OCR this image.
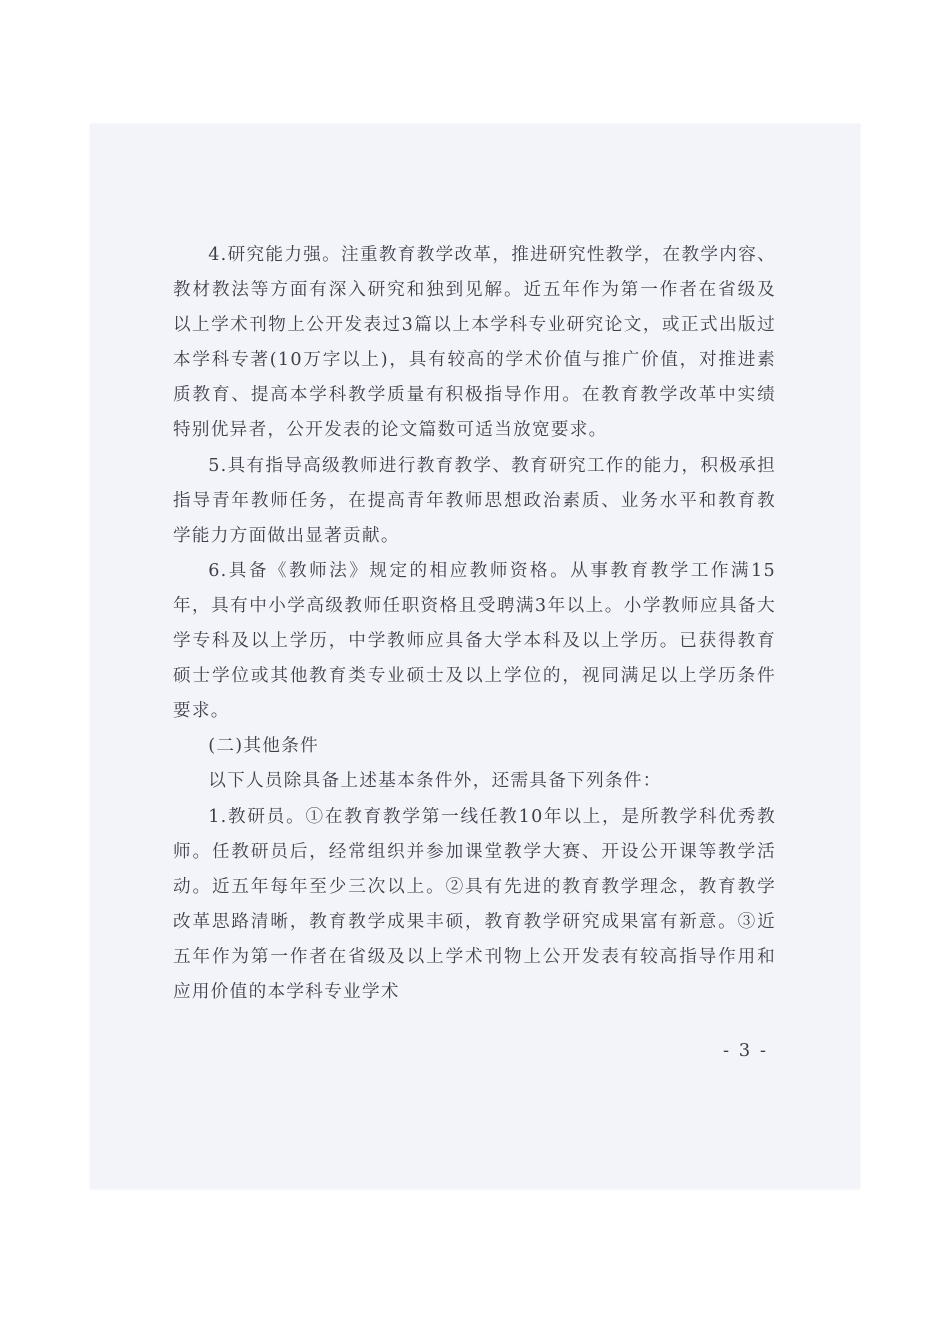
4.研究能力强。注重教育教学改革，推进研究性教学，在教学内容、教材教法等方面有深入研究和独到见解。近五年作为第一作者在省级及以上学术刊物上公开发表过3篇以上本学科专业研究论文，或正式出版过本学科专著(10万字以上)，具有较高的学术价值与推广价值，对推进素质教育、提高本学科教学质量有积极指导作用。在教育教学改革中实绩特别优异者，公开发表的论文篇数可适当放宽要求。

5.具有指导高级教师进行教育教学、教育研究工作的能力，积极承担指导青年教师任务，在提高青年教师思想政治素质、业务水平和教育教学能力方面做出显著贡献。

6.具备《教师法》规定的相应教师资格。从事教育教学工作满15年，具有中小学高级教师任职资格且受聘满3年以上。小学教师应具备大学专科及以上学历，中学教师应具备大学本科及以上学历。已获得教育硕士学位或其他教育类专业硕士及以上学位的，视同满足以上学历条件要求。

(二)其他条件

以下人员除具备上述基本条件外，还需具备下列条件：

1.教研员。①在教育教学第一线任教10年以上，是所教学科优秀教师。任教研员后，经常组织并参加课堂教学大赛、开设公开课等教学活动。近五年每年至少三次以上。②具有先进的教育教学理念，教育教学改革思路清晰，教育教学成果丰硕，教育教学研究成果富有新意。③近五年作为第一作者在省级及以上学术刊物上公开发表有较高指导作用和应用价值的本学科专业学术

- 3 -
